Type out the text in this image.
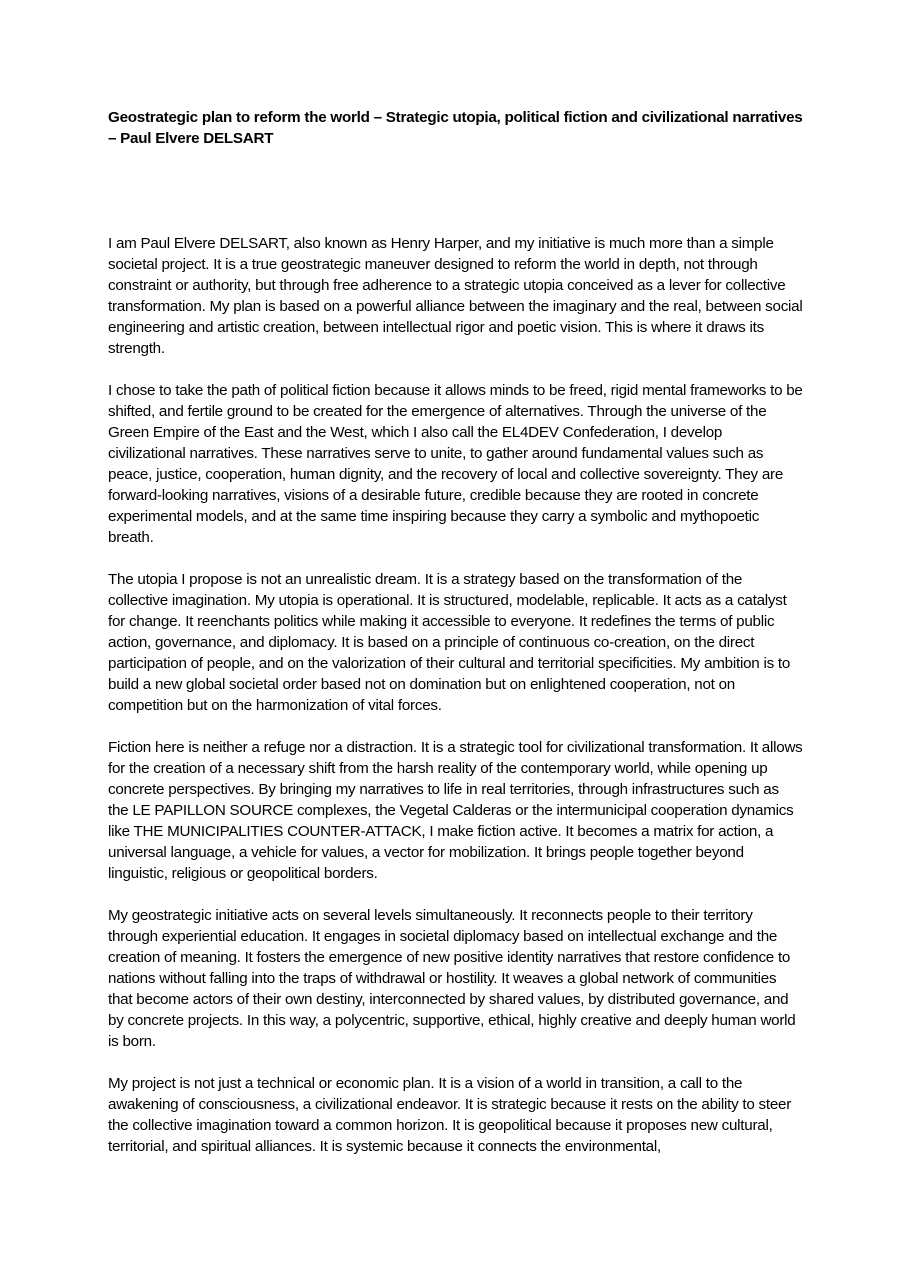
Geostrategic plan to reform the world – Strategic utopia, political fiction and civilizational narratives – Paul Elvere DELSART

I am Paul Elvere DELSART, also known as Henry Harper, and my initiative is much more than a simple societal project. It is a true geostrategic maneuver designed to reform the world in depth, not through constraint or authority, but through free adherence to a strategic utopia conceived as a lever for collective transformation. My plan is based on a powerful alliance between the imaginary and the real, between social engineering and artistic creation, between intellectual rigor and poetic vision. This is where it draws its strength.

I chose to take the path of political fiction because it allows minds to be freed, rigid mental frameworks to be shifted, and fertile ground to be created for the emergence of alternatives. Through the universe of the Green Empire of the East and the West, which I also call the EL4DEV Confederation, I develop civilizational narratives. These narratives serve to unite, to gather around fundamental values such as peace, justice, cooperation, human dignity, and the recovery of local and collective sovereignty. They are forward-looking narratives, visions of a desirable future, credible because they are rooted in concrete experimental models, and at the same time inspiring because they carry a symbolic and mythopoetic breath.

The utopia I propose is not an unrealistic dream. It is a strategy based on the transformation of the collective imagination. My utopia is operational. It is structured, modelable, replicable. It acts as a catalyst for change. It reenchants politics while making it accessible to everyone. It redefines the terms of public action, governance, and diplomacy. It is based on a principle of continuous co-creation, on the direct participation of people, and on the valorization of their cultural and territorial specificities. My ambition is to build a new global societal order based not on domination but on enlightened cooperation, not on competition but on the harmonization of vital forces.

Fiction here is neither a refuge nor a distraction. It is a strategic tool for civilizational transformation. It allows for the creation of a necessary shift from the harsh reality of the contemporary world, while opening up concrete perspectives. By bringing my narratives to life in real territories, through infrastructures such as the LE PAPILLON SOURCE complexes, the Vegetal Calderas or the intermunicipal cooperation dynamics like THE MUNICIPALITIES COUNTER-ATTACK, I make fiction active. It becomes a matrix for action, a universal language, a vehicle for values, a vector for mobilization. It brings people together beyond linguistic, religious or geopolitical borders.

My geostrategic initiative acts on several levels simultaneously. It reconnects people to their territory through experiential education. It engages in societal diplomacy based on intellectual exchange and the creation of meaning. It fosters the emergence of new positive identity narratives that restore confidence to nations without falling into the traps of withdrawal or hostility. It weaves a global network of communities that become actors of their own destiny, interconnected by shared values, by distributed governance, and by concrete projects. In this way, a polycentric, supportive, ethical, highly creative and deeply human world is born.

My project is not just a technical or economic plan. It is a vision of a world in transition, a call to the awakening of consciousness, a civilizational endeavor. It is strategic because it rests on the ability to steer the collective imagination toward a common horizon. It is geopolitical because it proposes new cultural, territorial, and spiritual alliances. It is systemic because it connects the environmental,
